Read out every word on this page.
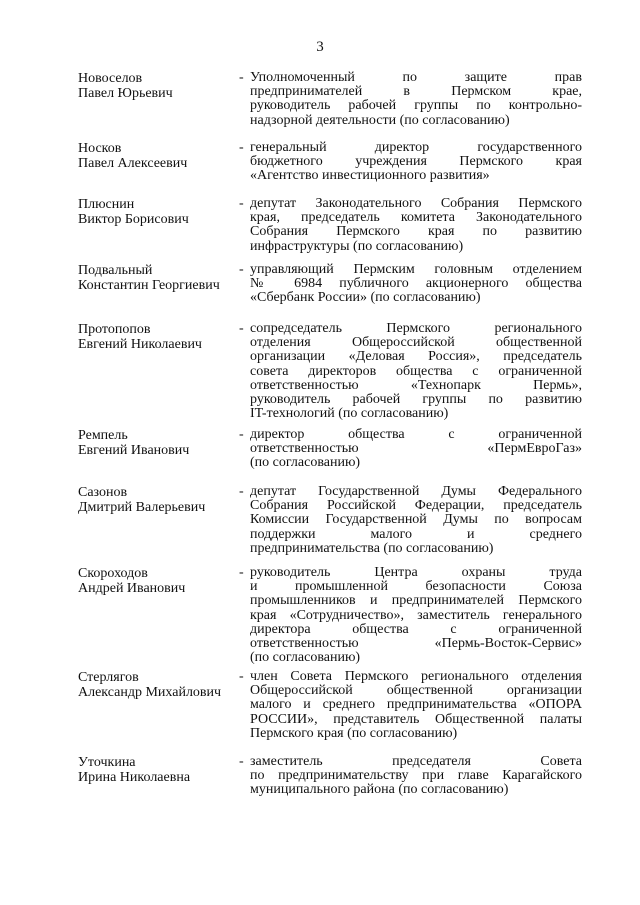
3
Новоселов
Павел Юрьевич
- Уполномоченный по защите прав
предпринимателей в Пермском крае,
руководитель рабочей группы по контрольно-
надзорной деятельности (по согласованию)
Носков
Павел Алексеевич
- генеральный директор государственного
бюджетного учреждения Пермского края
«Агентство инвестиционного развития»
Плюснин
Виктор Борисович
- депутат Законодательного Собрания Пермского
края, председатель комитета Законодательного
Собрания Пермского края по развитию
инфраструктуры (по согласованию)
Подвальный
Константин Георгиевич
- управляющий Пермским головным отделением
№ 6984 публичного акционерного общества
«Сбербанк России» (по согласованию)
Протопопов
Евгений Николаевич
- сопредседатель Пермского регионального
отделения Общероссийской общественной
организации «Деловая Россия», председатель
совета директоров общества с ограниченной
ответственностью «Технопарк Пермь»,
руководитель рабочей группы по развитию
IT-технологий (по согласованию)
Ремпель
Евгений Иванович
- директор общества с ограниченной
ответственностью «ПермЕвроГаз»
(по согласованию)
Сазонов
Дмитрий Валерьевич
- депутат Государственной Думы Федерального
Собрания Российской Федерации, председатель
Комиссии Государственной Думы по вопросам
поддержки малого и среднего
предпринимательства (по согласованию)
Скороходов
Андрей Иванович
- руководитель Центра охраны труда
и промышленной безопасности Союза
промышленников и предпринимателей Пермского
края «Сотрудничество», заместитель генерального
директора общества с ограниченной
ответственностью «Пермь-Восток-Сервис»
(по согласованию)
Стерлягов
Александр Михайлович
- член Совета Пермского регионального отделения
Общероссийской общественной организации
малого и среднего предпринимательства «ОПОРА
РОССИИ», представитель Общественной палаты
Пермского края (по согласованию)
Уточкина
Ирина Николаевна
- заместитель председателя Совета
по предпринимательству при главе Карагайского
муниципального района (по согласованию)
